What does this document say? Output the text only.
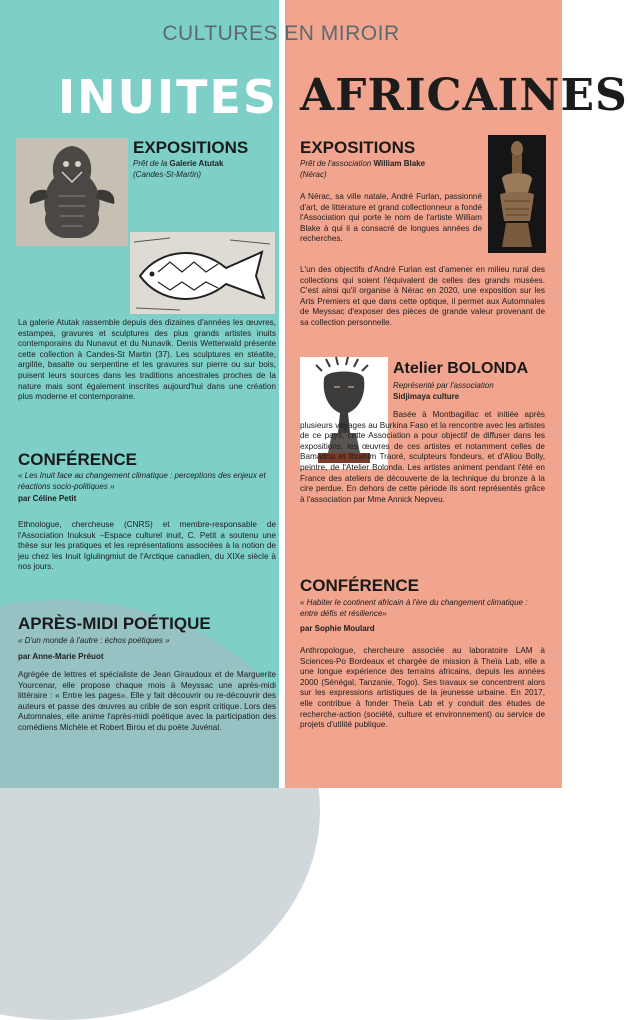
CULTURES EN MIROIR
INUITES AFRICAINES
EXPOSITIONS
Prêt de la Galerie Atutak
(Candes-St-Martin)

La galerie Atutak rassemble depuis des dizaines d'années les œuvres, estampes, gravures et sculptures des plus grands artistes inuits contemporains du Nunavut et du Nunavik. Denis Wetterwald présente cette collection à Candes-St Martin (37). Les sculptures en stéatite, argilite, basalte ou serpentine et les gravures sur pierre ou sur bois, puisent leurs sources dans les traditions ancestrales proches de la nature mais sont également inscrites aujourd'hui dans une création plus moderne et contemporaine.

CONFÉRENCE

« Les Inuit face au changement climatique : perceptions des enjeux et réactions socio-politiques »

par Céline Petit

Ethnologue, chercheuse (CNRS) et membre-responsable de l'Association Inuksuk –Espace culturel inuit, C. Petit a soutenu une thèse sur les pratiques et les représentations associées à la notion de jeu chez les Inuit Iglulingmiut de l'Arctique canadien, du XIXe siècle à nos jours.

APRÈS-MIDI POÉTIQUE

« D'un monde à l'autre : échos poétiques »

par Anne-Marie Préuot

Agrégée de lettres et spécialiste de Jean Giraudoux et de Marguerite Yourcenar, elle propose chaque mois à Meyssac une après-midi littéraire : « Entre les pages». Elle y fait découvrir ou re-découvrir des auteurs et passe des œuvres au crible de son esprit critique. Lors des Automnales, elle anime l'après-midi poétique avec la participation des comédiens Michèle et Robert Birou et du poète Juvénal.

EXPOSITIONS
Prêt de l'association William Blake
(Nérac)

A Nérac, sa ville natale, André Furlan, passionné d'art, de littérature et grand collectionneur a fondé l'Association qui porte le nom de l'artiste William Blake à qui il a consacré de longues années de recherches.

L'un des objectifs d'André Furlan est d'amener en milieu rural des collections qui soient l'équivalent de celles des grands musées. C'est ainsi qu'il organise à Nérac en 2020, une exposition sur les Arts Premiers et que dans cette optique, il permet aux Automnales de Meyssac d'exposer des pièces de grande valeur provenant de sa collection personnelle.

Atelier BOLONDA
Représenté par l'association
Sidjimaya culture

Basée à Montbagillac et initiée après plusieurs voyages au Burkina Faso et la rencontre avec les artistes de ce pays, cette Association a pour objectif de diffuser dans les expositions, les œuvres de ces artistes et notamment celles de Bamadou et Ibrahim Traoré, sculpteurs fondeurs, et d'Aliou Bolly, peintre, de l'Atelier Bolonda. Les artistes animent pendant l'été en France des ateliers de découverte de la technique du bronze à la cire perdue. En dehors de cette période ils sont représentés grâce à l'association par Mme Annick Nepveu.

CONFÉRENCE

« Habiter le continent africain à l'ère du changement climatique : entre défis et résilience»

par Sophie Moulard

Anthropologue, chercheure associée au laboratoire LAM à Sciences-Po Bordeaux et chargée de mission à Theïa Lab, elle a une longue expérience des terrains africains, depuis les années 2000 (Sénégal, Tanzanie, Togo). Ses travaux se concentrent alors sur les expressions artistiques de la jeunesse urbaine. En 2017, elle contribue à fonder Theïa Lab et y conduit des études de recherche-action (société, culture et environnement) ou service de projets d'utilité publique.
